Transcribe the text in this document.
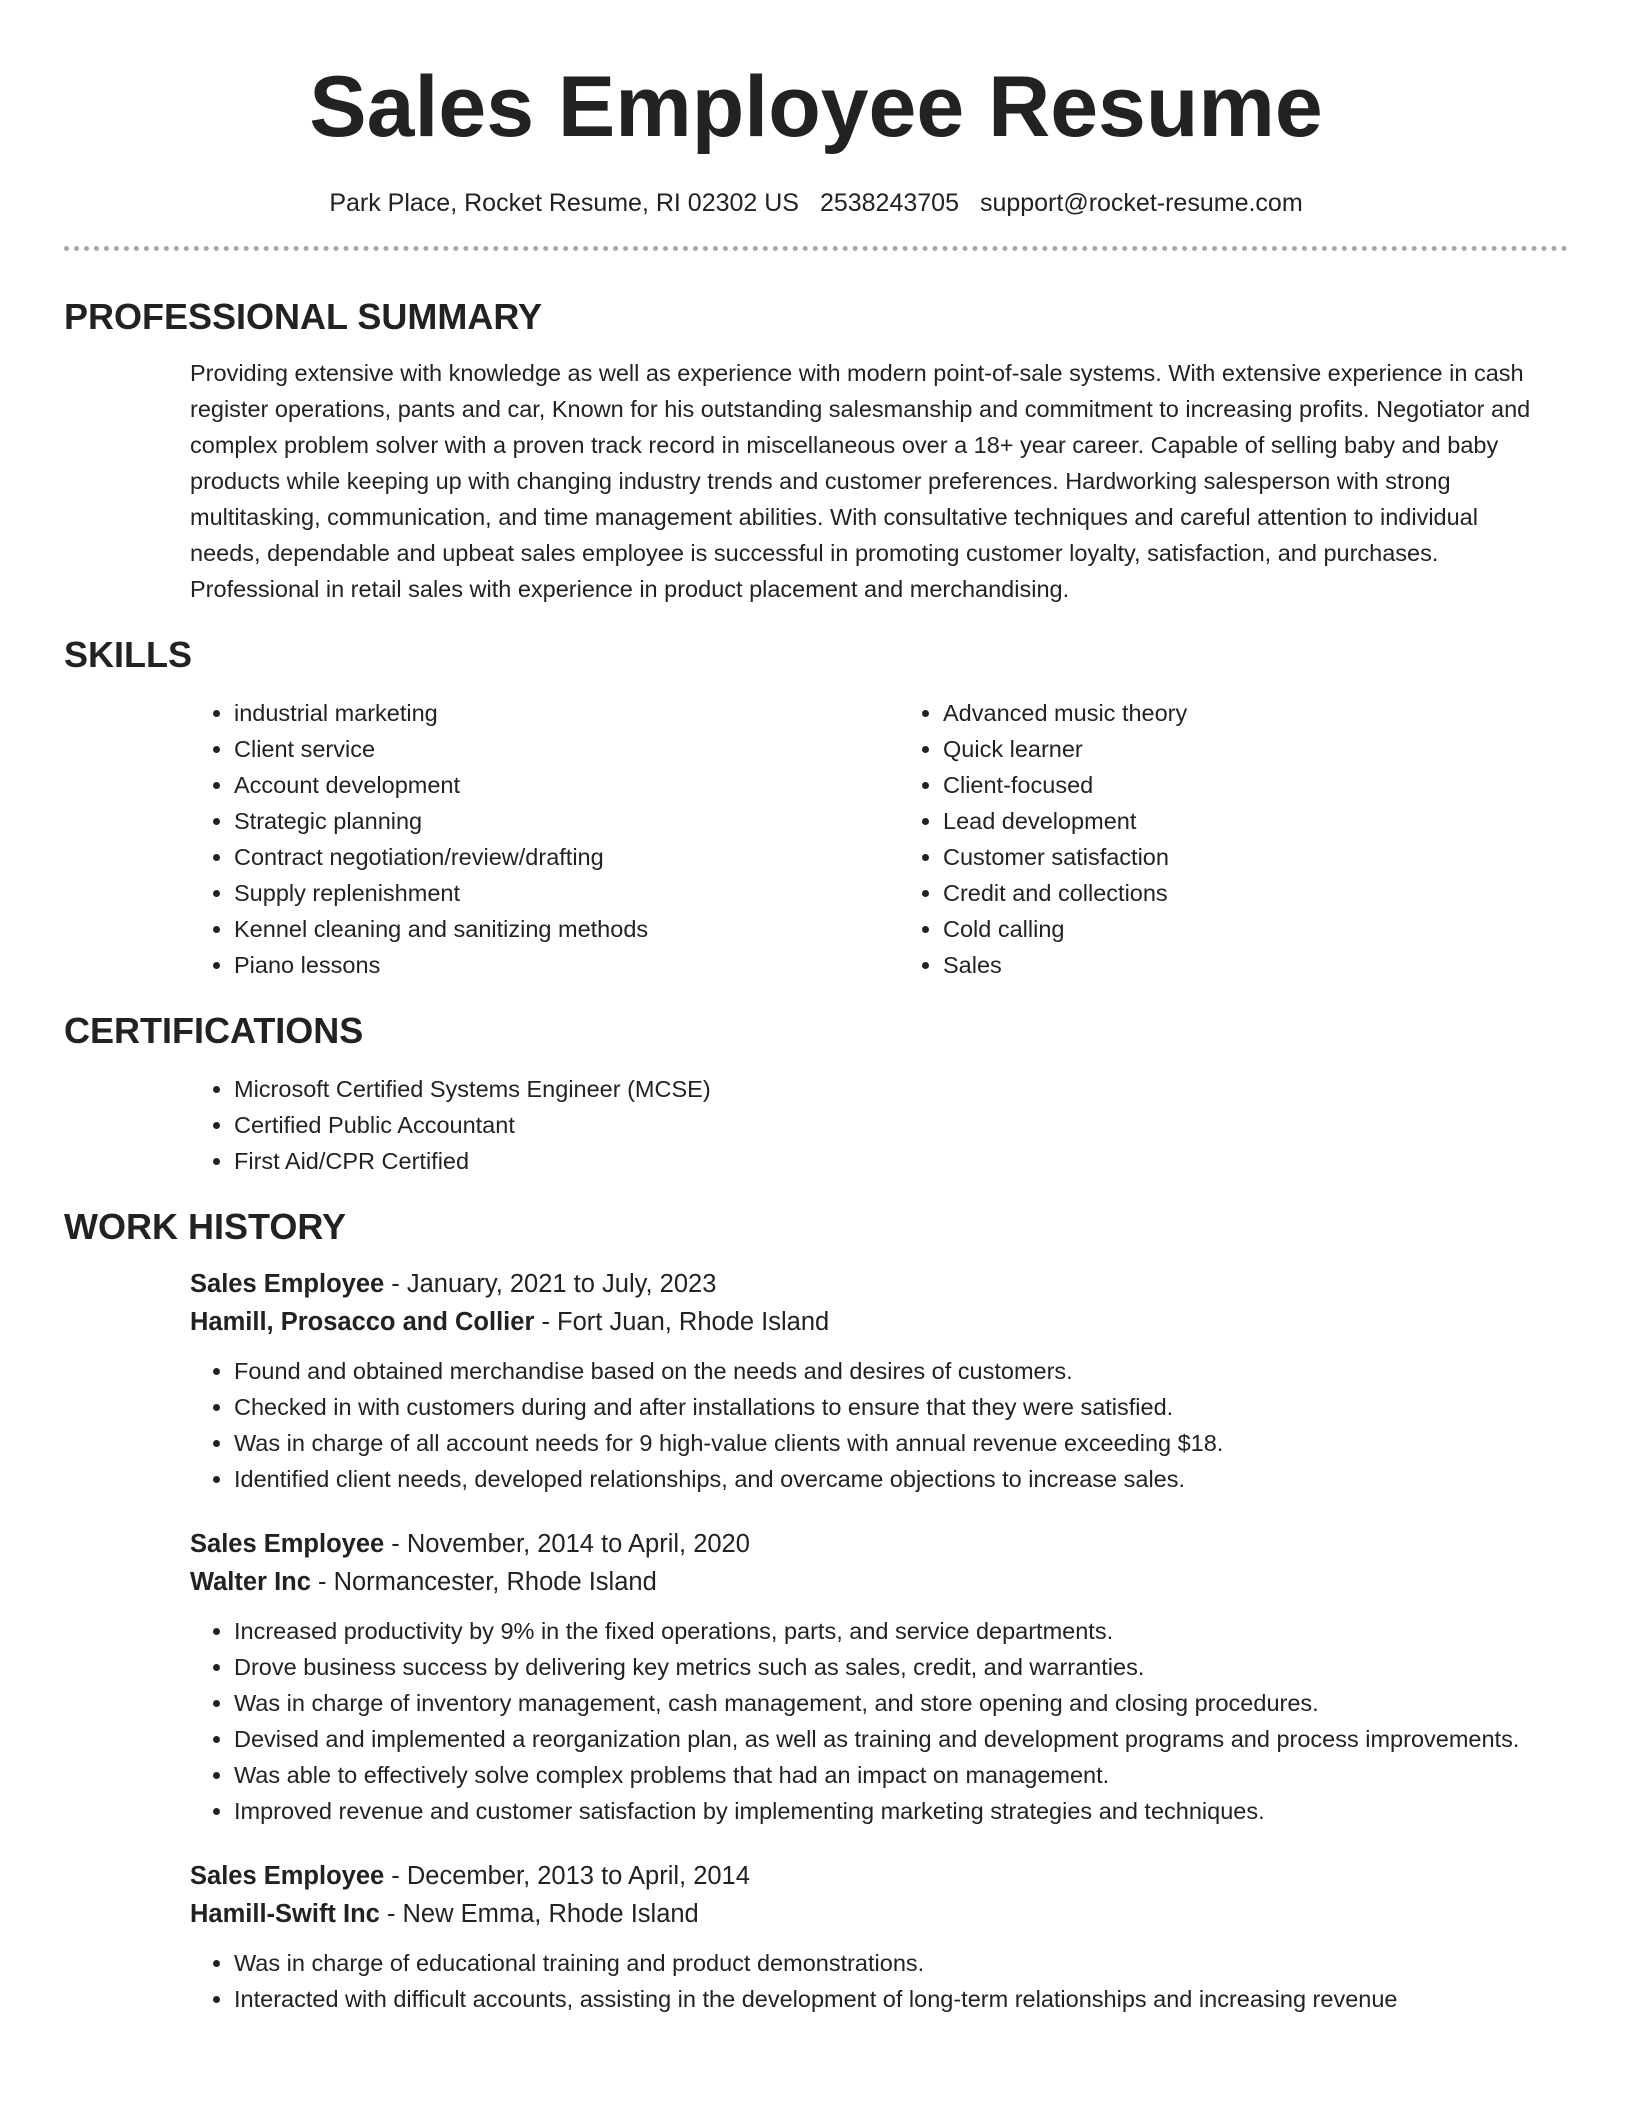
Sales Employee Resume
Park Place, Rocket Resume, RI 02302 US 2538243705 support@rocket-resume.com
PROFESSIONAL SUMMARY
Providing extensive with knowledge as well as experience with modern point-of-sale systems. With extensive experience in cash register operations, pants and car, Known for his outstanding salesmanship and commitment to increasing profits. Negotiator and complex problem solver with a proven track record in miscellaneous over a 18+ year career. Capable of selling baby and baby products while keeping up with changing industry trends and customer preferences. Hardworking salesperson with strong multitasking, communication, and time management abilities. With consultative techniques and careful attention to individual needs, dependable and upbeat sales employee is successful in promoting customer loyalty, satisfaction, and purchases. Professional in retail sales with experience in product placement and merchandising.
SKILLS
• industrial marketing
• Client service
• Account development
• Strategic planning
• Contract negotiation/review/drafting
• Supply replenishment
• Kennel cleaning and sanitizing methods
• Piano lessons
• Advanced music theory
• Quick learner
• Client-focused
• Lead development
• Customer satisfaction
• Credit and collections
• Cold calling
• Sales
CERTIFICATIONS
• Microsoft Certified Systems Engineer (MCSE)
• Certified Public Accountant
• First Aid/CPR Certified
WORK HISTORY
Sales Employee - January, 2021 to July, 2023
Hamill, Prosacco and Collier - Fort Juan, Rhode Island
• Found and obtained merchandise based on the needs and desires of customers.
• Checked in with customers during and after installations to ensure that they were satisfied.
• Was in charge of all account needs for 9 high-value clients with annual revenue exceeding $18.
• Identified client needs, developed relationships, and overcame objections to increase sales.
Sales Employee - November, 2014 to April, 2020
Walter Inc - Normancester, Rhode Island
• Increased productivity by 9% in the fixed operations, parts, and service departments.
• Drove business success by delivering key metrics such as sales, credit, and warranties.
• Was in charge of inventory management, cash management, and store opening and closing procedures.
• Devised and implemented a reorganization plan, as well as training and development programs and process improvements.
• Was able to effectively solve complex problems that had an impact on management.
• Improved revenue and customer satisfaction by implementing marketing strategies and techniques.
Sales Employee - December, 2013 to April, 2014
Hamill-Swift Inc - New Emma, Rhode Island
• Was in charge of educational training and product demonstrations.
• Interacted with difficult accounts, assisting in the development of long-term relationships and increasing revenue
